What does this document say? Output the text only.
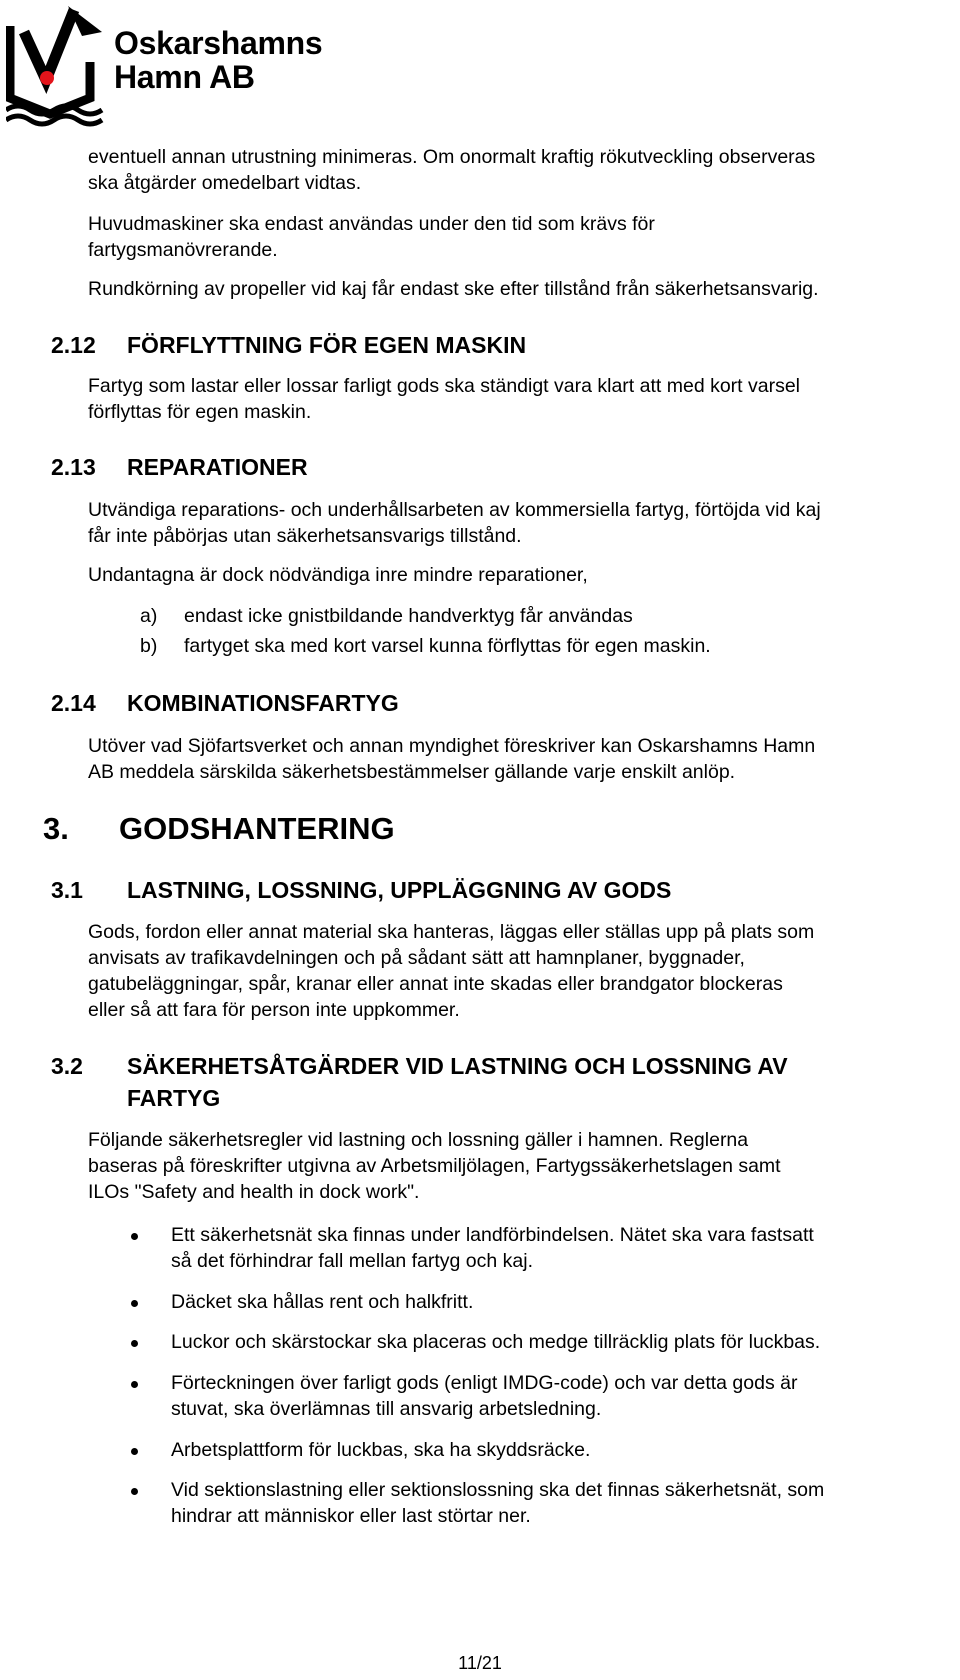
Oskarshamns
Hamn AB
eventuell annan utrustning minimeras. Om onormalt kraftig rökutveckling observeras
ska åtgärder omedelbart vidtas.
Huvudmaskiner ska endast användas under den tid som krävs för
fartygsmanövrerande.
Rundkörning av propeller vid kaj får endast ske efter tillstånd från säkerhetsansvarig.
2.12 FÖRFLYTTNING FÖR EGEN MASKIN
Fartyg som lastar eller lossar farligt gods ska ständigt vara klart att med kort varsel
förflyttas för egen maskin.
2.13 REPARATIONER
Utvändiga reparations- och underhållsarbeten av kommersiella fartyg, förtöjda vid kaj
får inte påbörjas utan säkerhetsansvarigs tillstånd.
Undantagna är dock nödvändiga inre mindre reparationer,
a) endast icke gnistbildande handverktyg får användas
b) fartyget ska med kort varsel kunna förflyttas för egen maskin.
2.14 KOMBINATIONSFARTYG
Utöver vad Sjöfartsverket och annan myndighet föreskriver kan Oskarshamns Hamn
AB meddela särskilda säkerhetsbestämmelser gällande varje enskilt anlöp.
3. GODSHANTERING
3.1 LASTNING, LOSSNING, UPPLÄGGNING AV GODS
Gods, fordon eller annat material ska hanteras, läggas eller ställas upp på plats som
anvisats av trafikavdelningen och på sådant sätt att hamnplaner, byggnader,
gatubeläggningar, spår, kranar eller annat inte skadas eller brandgator blockeras
eller så att fara för person inte uppkommer.
3.2 SÄKERHETSÅTGÄRDER VID LASTNING OCH LOSSNING AV
FARTYG
Följande säkerhetsregler vid lastning och lossning gäller i hamnen. Reglerna
baseras på föreskrifter utgivna av Arbetsmiljölagen, Fartygssäkerhetslagen samt
ILOs "Safety and health in dock work".
Ett säkerhetsnät ska finnas under landförbindelsen. Nätet ska vara fastsatt
så det förhindrar fall mellan fartyg och kaj.
Däcket ska hållas rent och halkfritt.
Luckor och skärstockar ska placeras och medge tillräcklig plats för luckbas.
Förteckningen över farligt gods (enligt IMDG-code) och var detta gods är
stuvat, ska överlämnas till ansvarig arbetsledning.
Arbetsplattform för luckbas, ska ha skyddsräcke.
Vid sektionslastning eller sektionslossning ska det finnas säkerhetsnät, som
hindrar att människor eller last störtar ner.
11/21
